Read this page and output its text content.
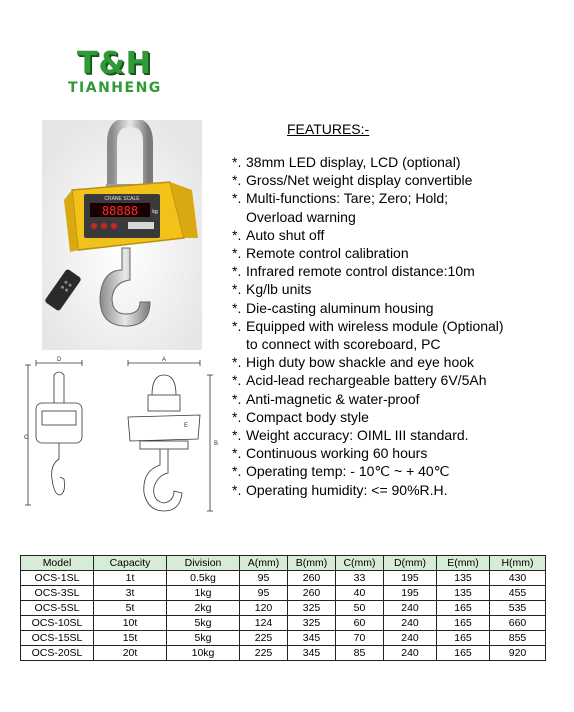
T&H
TIANHENG
CRANE SCALE
88888	kg
D	A
B
C
E
FEATURES:-
*. 38mm LED display, LCD (optional)
*. Gross/Net weight display convertible
*. Multi-functions: Tare; Zero; Hold;
Overload warning
*. Auto shut off
*. Remote control calibration
*. Infrared remote control distance:10m
*. Kg/lb units
*. Die-casting aluminum housing
*. Equipped with wireless module (Optional)
to connect with scoreboard, PC
*. High duty bow shackle and eye hook
*. Acid-lead rechargeable battery 6V/5Ah
*. Anti-magnetic & water-proof
*. Compact body style
*. Weight accuracy: OIML III standard.
*. Continuous working 60 hours
*. Operating temp: - 10℃ ~ + 40℃
*. Operating humidity: <= 90%R.H.
Model	Capacity	Division	A(mm)	B(mm)	C(mm)	D(mm)	E(mm)	H(mm)
OCS-1SL	1t	0.5kg	95	260	33	195	135	430
OCS-3SL	3t	1kg	95	260	40	195	135	455
OCS-5SL	5t	2kg	120	325	50	240	165	535
OCS-10SL	10t	5kg	124	325	60	240	165	660
OCS-15SL	15t	5kg	225	345	70	240	165	855
OCS-20SL	20t	10kg	225	345	85	240	165	920
